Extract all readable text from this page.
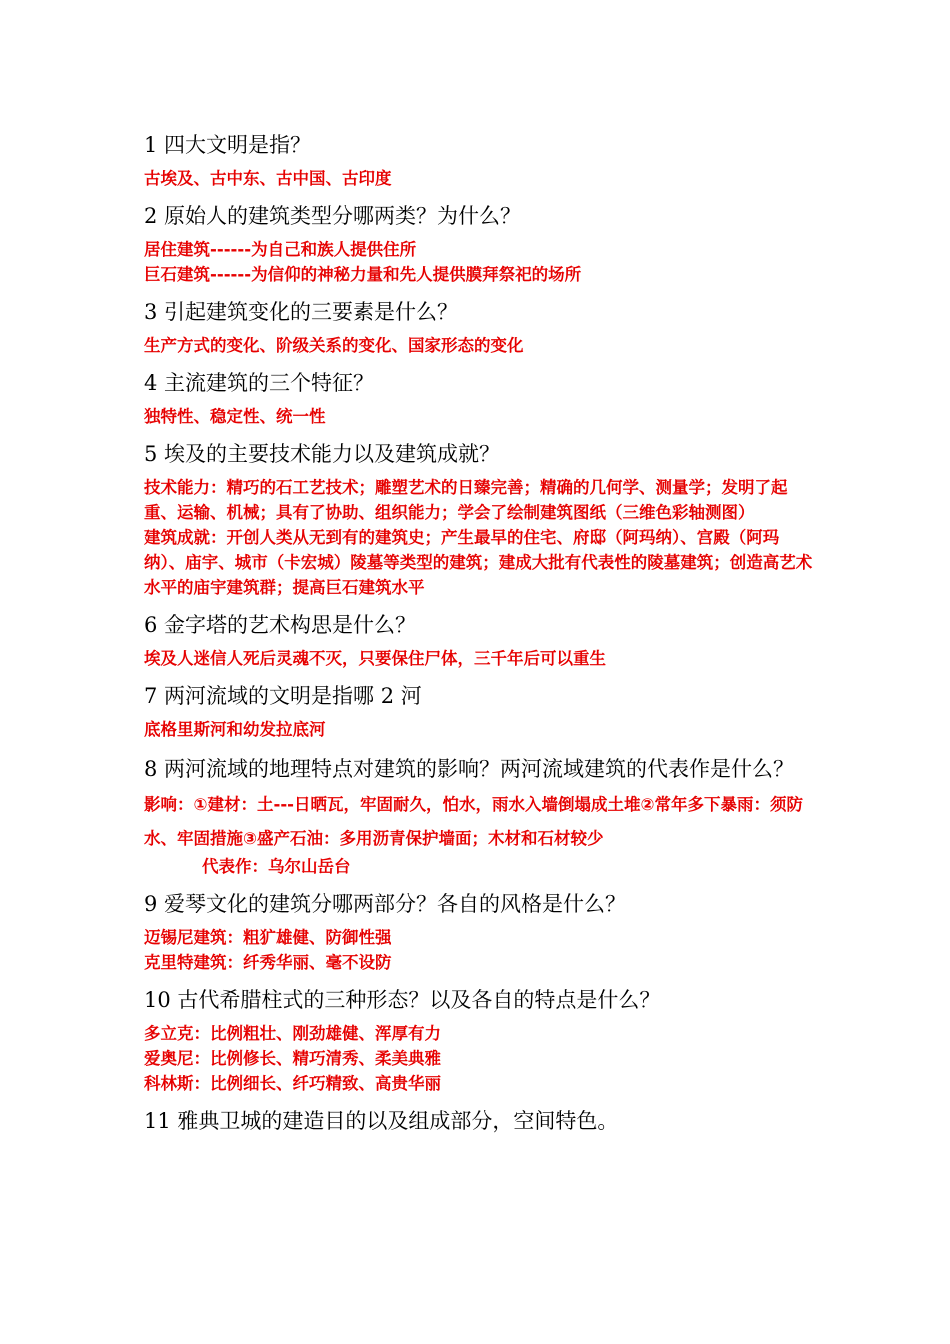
1 四大文明是指？

古埃及、古中东、古中国、古印度

2 原始人的建筑类型分哪两类？为什么？

居住建筑------为自己和族人提供住所

巨石建筑------为信仰的神秘力量和先人提供膜拜祭祀的场所

3 引起建筑变化的三要素是什么？

生产方式的变化、阶级关系的变化、国家形态的变化

4 主流建筑的三个特征？

独特性、稳定性、统一性

5 埃及的主要技术能力以及建筑成就？

技术能力：精巧的石工艺技术；雕塑艺术的日臻完善；精确的几何学、测量学；发明了起重、运输、机械；具有了协助、组织能力；学会了绘制建筑图纸（三维色彩轴测图）

建筑成就：开创人类从无到有的建筑史；产生最早的住宅、府邸（阿玛纳）、宫殿（阿玛纳）、庙宇、城市（卡宏城）陵墓等类型的建筑；建成大批有代表性的陵墓建筑；创造高艺术水平的庙宇建筑群；提高巨石建筑水平

6 金字塔的艺术构思是什么？

埃及人迷信人死后灵魂不灭，只要保住尸体，三千年后可以重生

7 两河流域的文明是指哪 2 河

底格里斯河和幼发拉底河

8 两河流域的地理特点对建筑的影响？两河流域建筑的代表作是什么？ 影响：①建材：土---日晒瓦，牢固耐久，怕水，雨水入墙倒塌成土堆②常年多下暴雨：须防水、牢固措施③盛产石油：多用沥青保护墙面；木材和石材较少

代表作：乌尔山岳台

9 爱琴文化的建筑分哪两部分？各自的风格是什么？

迈锡尼建筑：粗犷雄健、防御性强

克里特建筑：纤秀华丽、毫不设防

10 古代希腊柱式的三种形态？以及各自的特点是什么？

多立克：比例粗壮、刚劲雄健、浑厚有力

爱奥尼：比例修长、精巧清秀、柔美典雅

科林斯：比例细长、纤巧精致、高贵华丽

11 雅典卫城的建造目的以及组成部分，空间特色。
